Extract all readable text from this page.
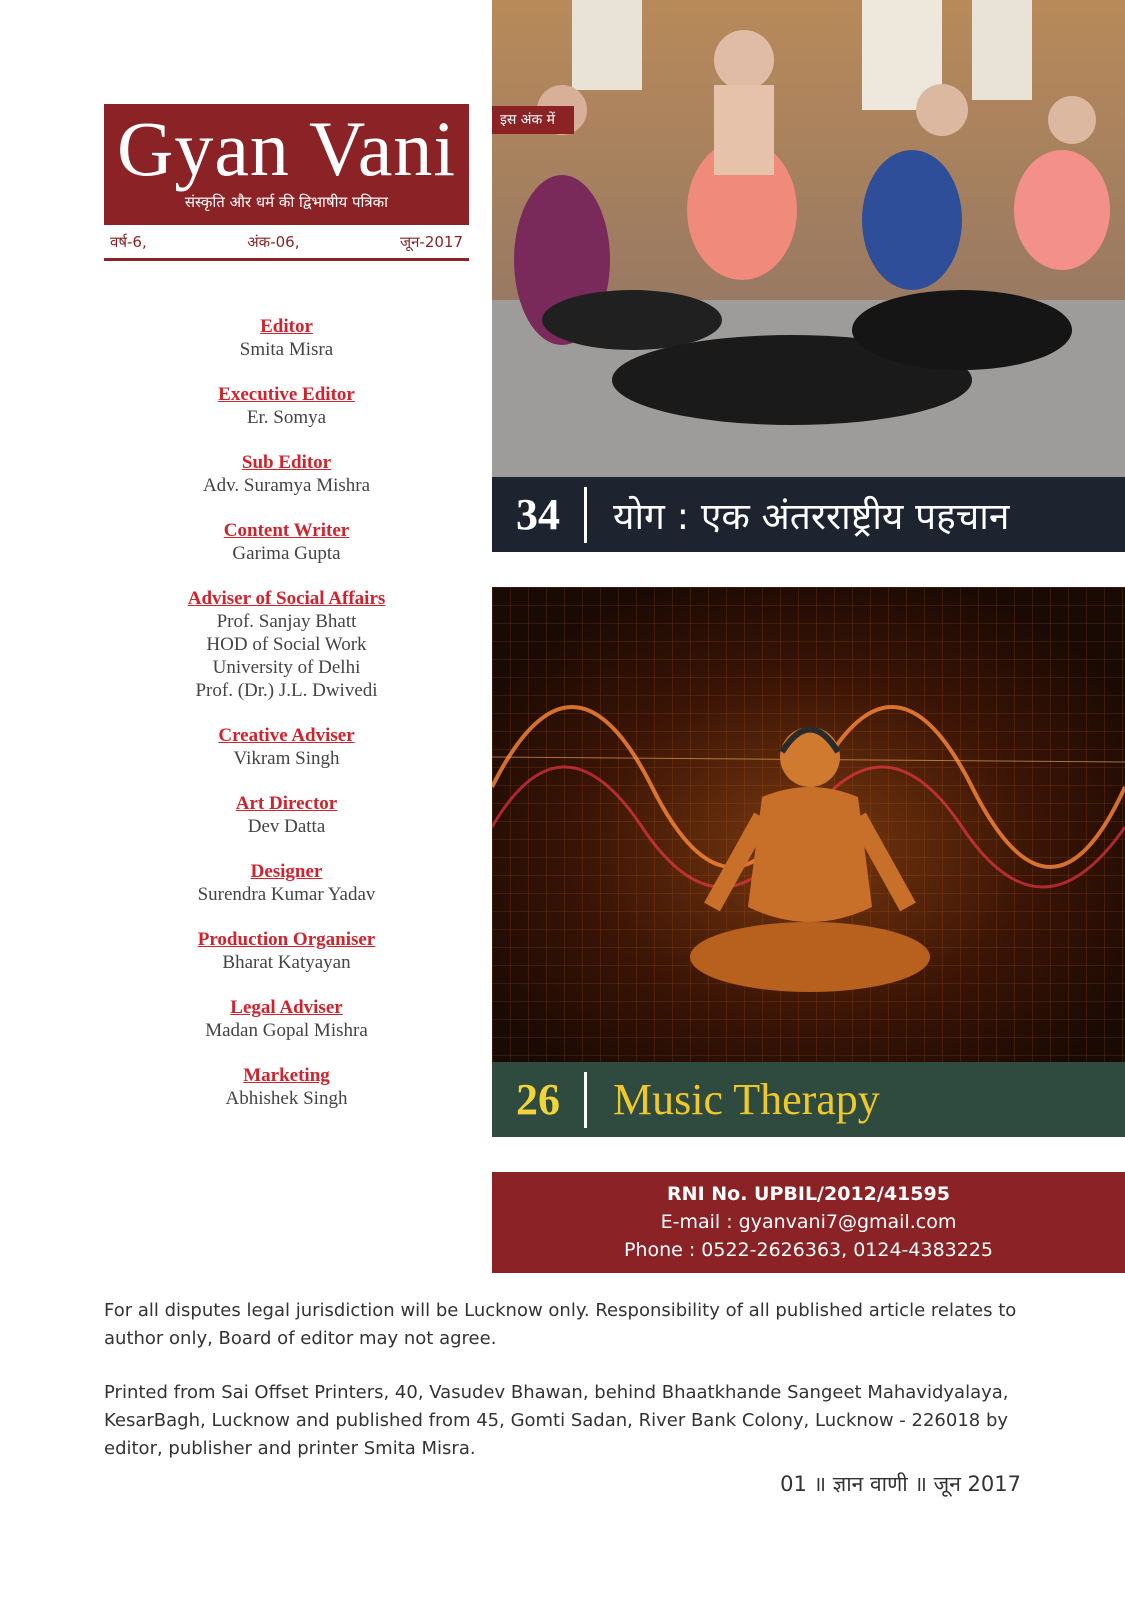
Gyan Vani
संस्कृति और धर्म की द्विभाषीय पत्रिका
वर्ष-6,	अंक-06,	जून-2017
Editor
Smita Misra
Executive Editor
Er. Somya
Sub Editor
Adv. Suramya Mishra
Content Writer
Garima Gupta
Adviser of Social Affairs
Prof. Sanjay Bhatt
HOD of Social Work
University of Delhi
Prof. (Dr.) J.L. Dwivedi
Creative Adviser
Vikram Singh
Art Director
Dev Datta
Designer
Surendra Kumar Yadav
Production Organiser
Bharat Katyayan
Legal Adviser
Madan Gopal Mishra
Marketing
Abhishek Singh
इस अंक में
34	योग : एक अंतरराष्ट्रीय पहचान
26	Music Therapy
RNI No. UPBIL/2012/41595
E-mail : gyanvani7@gmail.com
Phone : 0522-2626363, 0124-4383225

For all disputes legal jurisdiction will be Lucknow only. Responsibility of all published article relates to author only, Board of editor may not agree.

Printed from Sai Offset Printers, 40, Vasudev Bhawan, behind Bhaatkhande Sangeet Mahavidyalaya, KesarBagh, Lucknow and published from 45, Gomti Sadan, River Bank Colony, Lucknow - 226018 by editor, publisher and printer Smita Misra.

01 ॥ ज्ञान वाणी ॥ जून 2017
